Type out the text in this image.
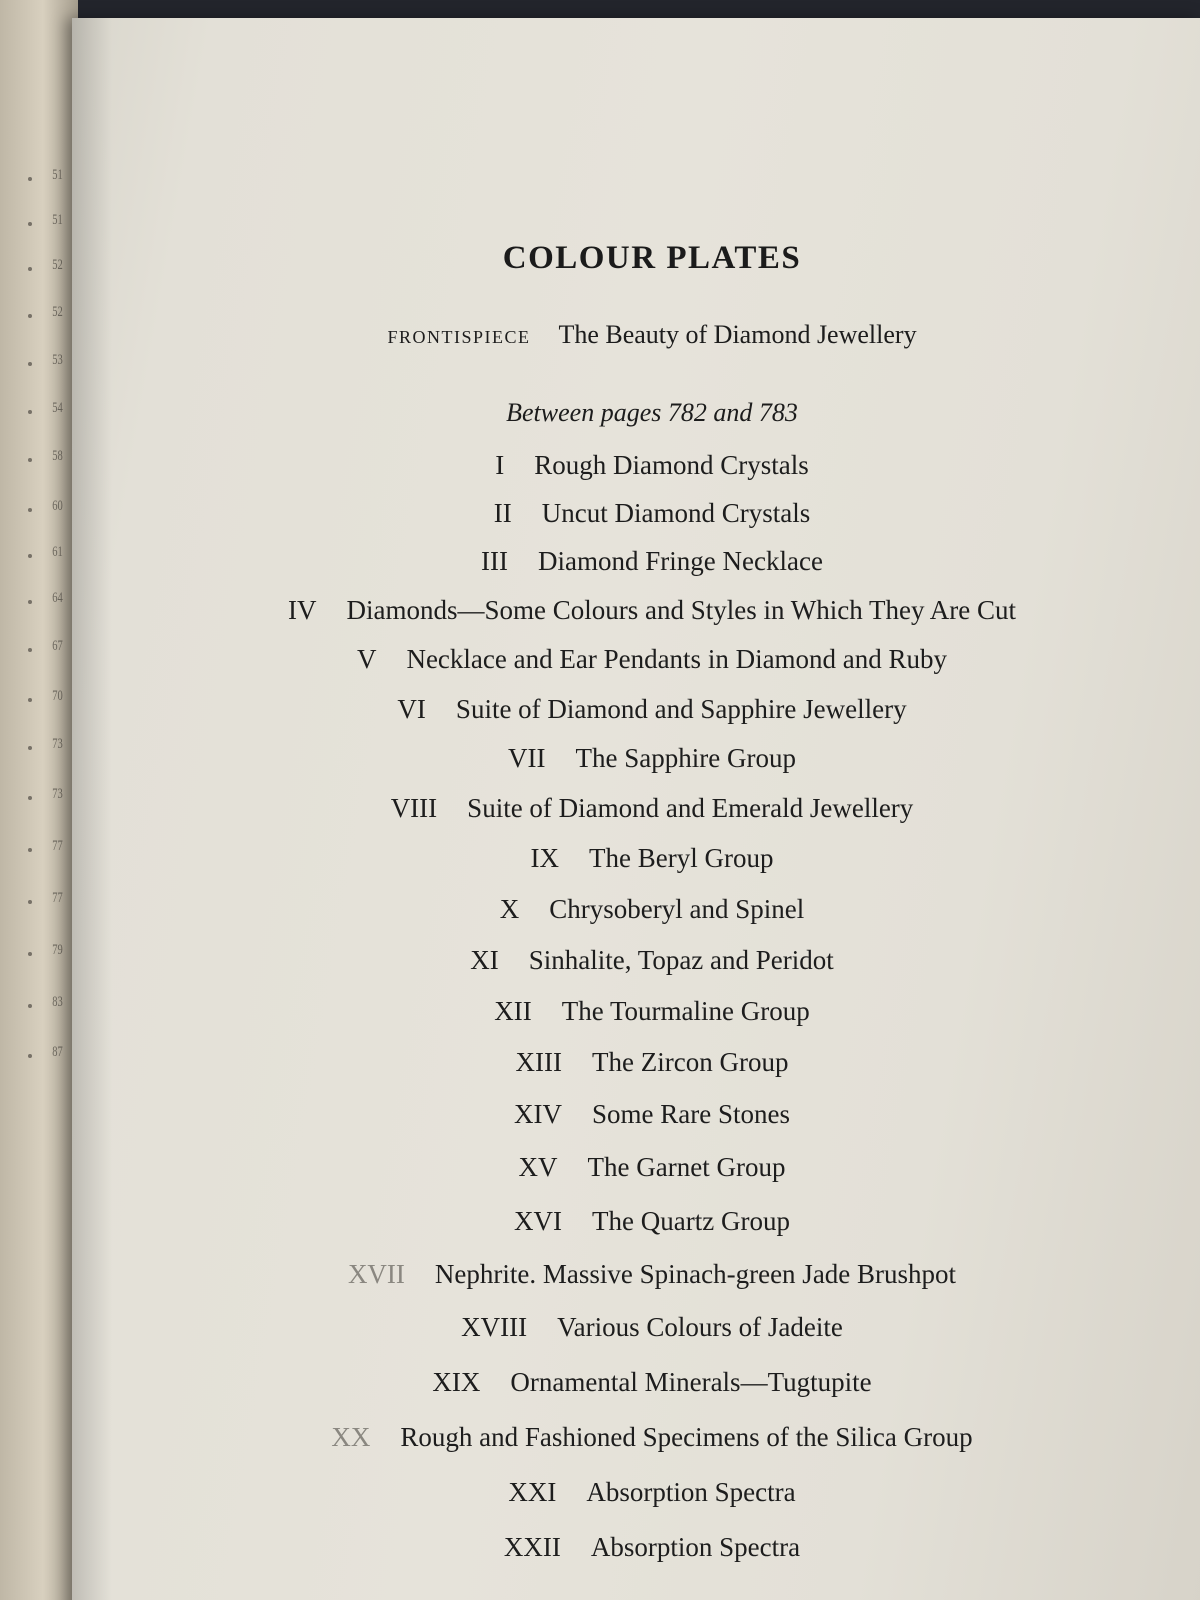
51
51
52
52
53
54
58
60
61
64
67
70
73
73
77
77
79
83
87
COLOUR PLATES
FRONTISPIECE The Beauty of Diamond Jewellery
Between pages 782 and 783
I Rough Diamond Crystals
II Uncut Diamond Crystals
III Diamond Fringe Necklace
IV Diamonds—Some Colours and Styles in Which They Are Cut
V Necklace and Ear Pendants in Diamond and Ruby
VI Suite of Diamond and Sapphire Jewellery
VII The Sapphire Group
VIII Suite of Diamond and Emerald Jewellery
IX The Beryl Group
X Chrysoberyl and Spinel
XI Sinhalite, Topaz and Peridot
XII The Tourmaline Group
XIII The Zircon Group
XIV Some Rare Stones
XV The Garnet Group
XVI The Quartz Group
XVII Nephrite. Massive Spinach-green Jade Brushpot
XVIII Various Colours of Jadeite
XIX Ornamental Minerals—Tugtupite
XX Rough and Fashioned Specimens of the Silica Group
XXI Absorption Spectra
XXII Absorption Spectra
